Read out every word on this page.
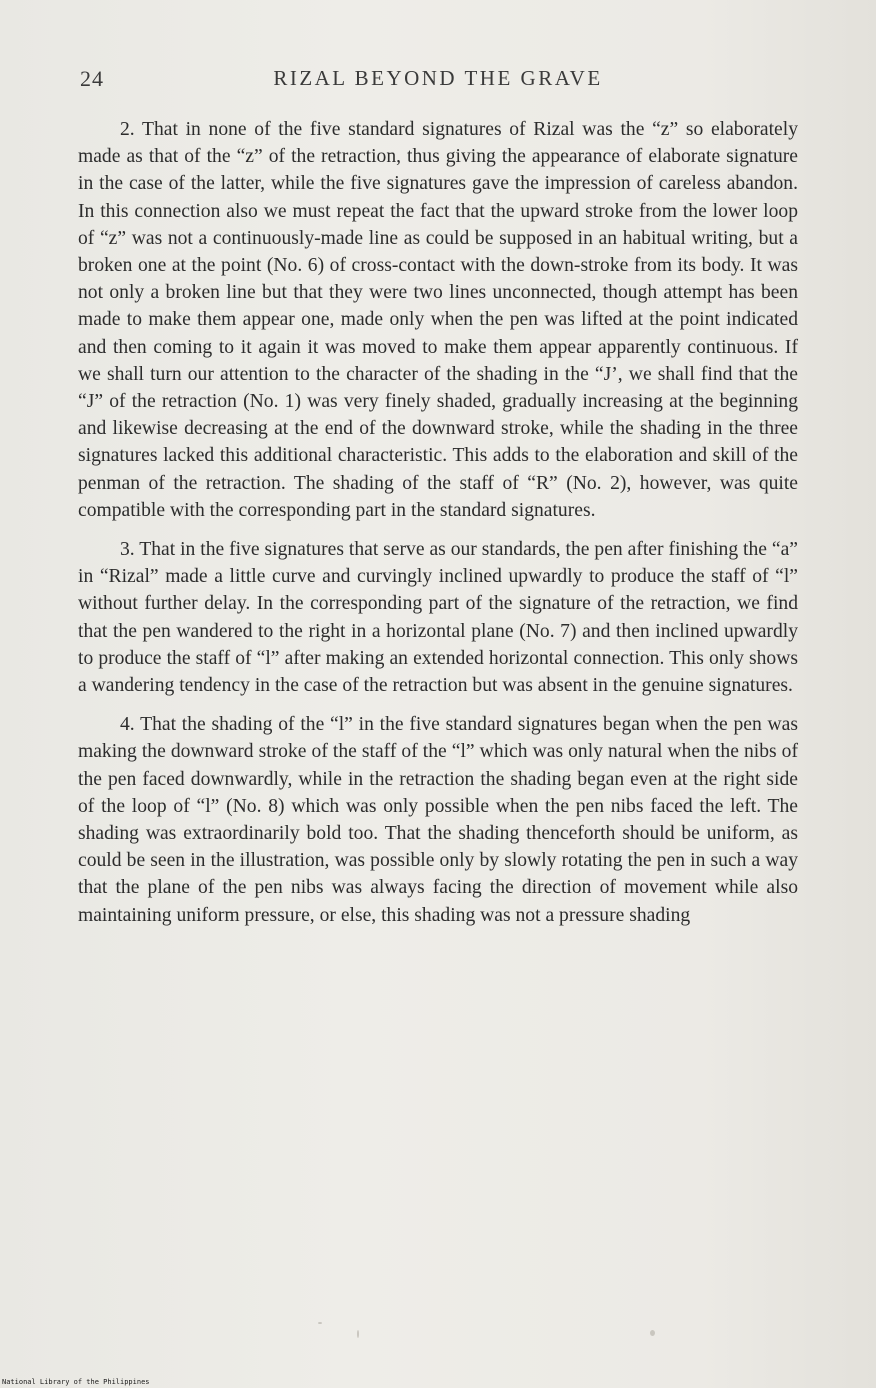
24	RIZAL BEYOND THE GRAVE

2. That in none of the five standard signatures of Rizal was the “z” so elaborately made as that of the “z” of the retraction, thus giving the appearance of elaborate signature in the case of the latter, while the five signatures gave the impression of careless abandon. In this connection also we must repeat the fact that the upward stroke from the lower loop of “z” was not a continuously-made line as could be supposed in an habitual writing, but a broken one at the point (No. 6) of cross-contact with the down-stroke from its body. It was not only a broken line but that they were two lines unconnected, though attempt has been made to make them appear one, made only when the pen was lifted at the point indicated and then coming to it again it was moved to make them appear apparently continuous. If we shall turn our attention to the character of the shading in the “J’, we shall find that the “J” of the retraction (No. 1) was very finely shaded, gradually increasing at the beginning and likewise decreasing at the end of the downward stroke, while the shading in the three signatures lacked this additional characteristic. This adds to the elaboration and skill of the penman of the retraction. The shading of the staff of “R” (No. 2), however, was quite compatible with the corresponding part in the standard signatures.

3. That in the five signatures that serve as our standards, the pen after finishing the “a” in “Rizal” made a little curve and curvingly inclined upwardly to produce the staff of “l” without further delay. In the corresponding part of the signature of the retraction, we find that the pen wandered to the right in a horizontal plane (No. 7) and then inclined upwardly to produce the staff of “l” after making an extended horizontal connection. This only shows a wandering tendency in the case of the retraction but was absent in the genuine signatures.

4. That the shading of the “l” in the five standard signatures began when the pen was making the downward stroke of the staff of the “l” which was only natural when the nibs of the pen faced downwardly, while in the retraction the shading began even at the right side of the loop of “l” (No. 8) which was only possible when the pen nibs faced the left. The shading was extraordinarily bold too. That the shading thenceforth should be uniform, as could be seen in the illustration, was possible only by slowly rotating the pen in such a way that the plane of the pen nibs was always facing the direction of movement while also maintaining uniform pressure, or else, this shading was not a pressure shading

National Library of the Philippines
